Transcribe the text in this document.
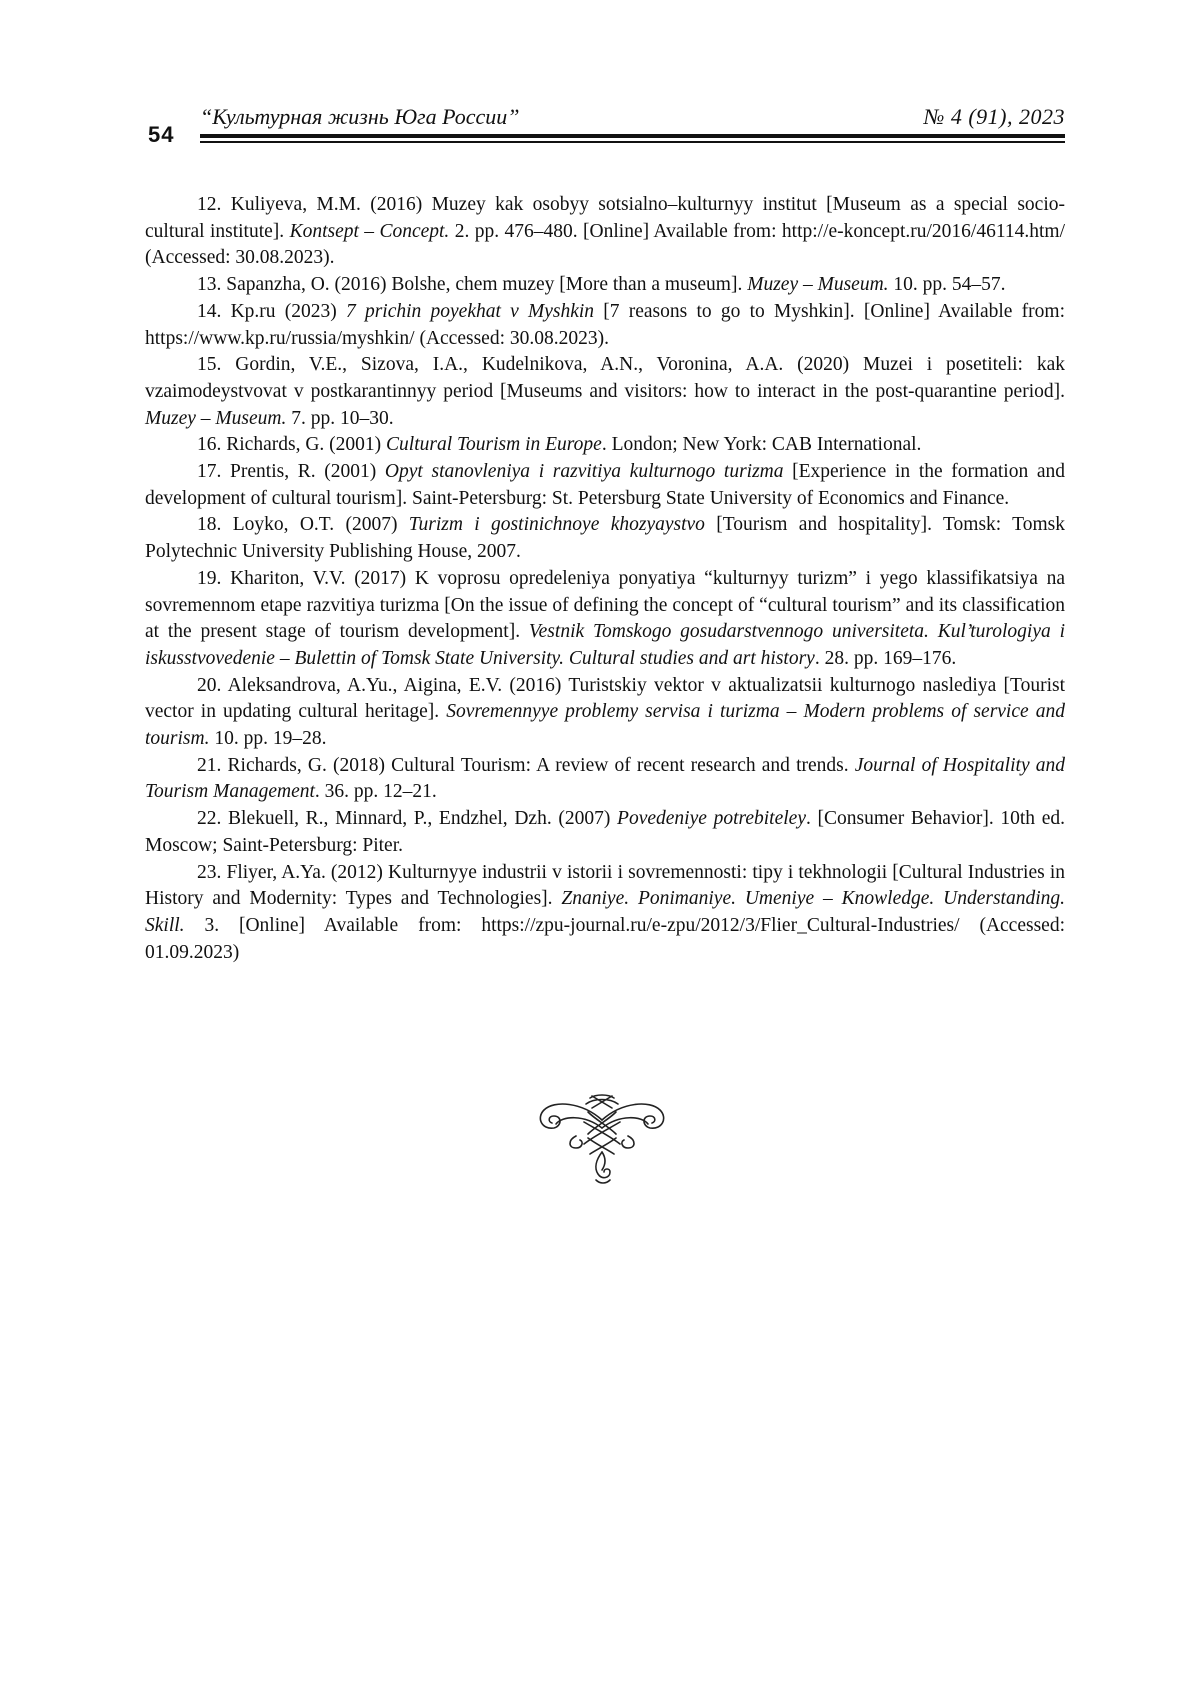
54
“Культурная жизнь Юга России”	№ 4 (91), 2023

12. Kuliyeva, M.M. (2016) Muzey kak osobyy sotsialno–kulturnyy institut [Museum as a special socio-cultural institute]. Kontsept – Concept. 2. pp. 476–480. [Online] Available from: http://e-koncept.ru/2016/46114.htm/ (Accessed: 30.08.2023).

13. Sapanzha, O. (2016) Bolshe, chem muzey [More than a museum]. Muzey – Museum. 10. pp. 54–57.

14. Kp.ru (2023) 7 prichin poyekhat v Myshkin [7 reasons to go to Myshkin]. [Online] Available from: https://www.kp.ru/russia/myshkin/ (Accessed: 30.08.2023).

15. Gordin, V.E., Sizova, I.A., Kudelnikova, A.N., Voronina, A.A. (2020) Muzei i posetiteli: kak vzaimodeystvovat v postkarantinnyy period [Museums and visitors: how to interact in the post-quarantine period]. Muzey – Museum. 7. pp. 10–30.

16. Richards, G. (2001) Cultural Tourism in Europe. London; New York: CAB International.

17. Prentis, R. (2001) Opyt stanovleniya i razvitiya kulturnogo turizma [Experience in the formation and development of cultural tourism]. Saint-Petersburg: St. Petersburg State University of Economics and Finance.

18. Loyko, O.T. (2007) Turizm i gostinichnoye khozyaystvo [Tourism and hospitality]. Tomsk: Tomsk Polytechnic University Publishing House, 2007.

19. Khariton, V.V. (2017) K voprosu opredeleniya ponyatiya “kulturnyy turizm” i yego klassifikatsiya na sovremennom etape razvitiya turizma [On the issue of defining the concept of “cultural tourism” and its classification at the present stage of tourism development]. Vestnik Tomskogo gosudarstvennogo universiteta. Kul’turologiya i iskusstvovedenie – Bulettin of Tomsk State University. Cultural studies and art history. 28. pp. 169–176.

20. Aleksandrova, A.Yu., Aigina, E.V. (2016) Turistskiy vektor v aktualizatsii kulturnogo naslediya [Tourist vector in updating cultural heritage]. Sovremennyye problemy servisa i turizma – Modern problems of service and tourism. 10. pp. 19–28.

21. Richards, G. (2018) Cultural Tourism: A review of recent research and trends. Journal of Hospitality and Tourism Management. 36. pp. 12–21.

22. Blekuell, R., Minnard, P., Endzhel, Dzh. (2007) Povedeniye potrebiteley. [Consumer Behavior]. 10th ed. Moscow; Saint-Petersburg: Piter.

23. Fliyer, A.Ya. (2012) Kulturnyye industrii v istorii i sovremennosti: tipy i tekhnologii [Cultural Industries in History and Modernity: Types and Technologies]. Znaniye. Ponimaniye. Umeniye – Knowledge. Understanding. Skill. 3. [Online] Available from: https://zpu-journal.ru/e-zpu/2012/3/Flier_Cultural-Industries/ (Accessed: 01.09.2023)
